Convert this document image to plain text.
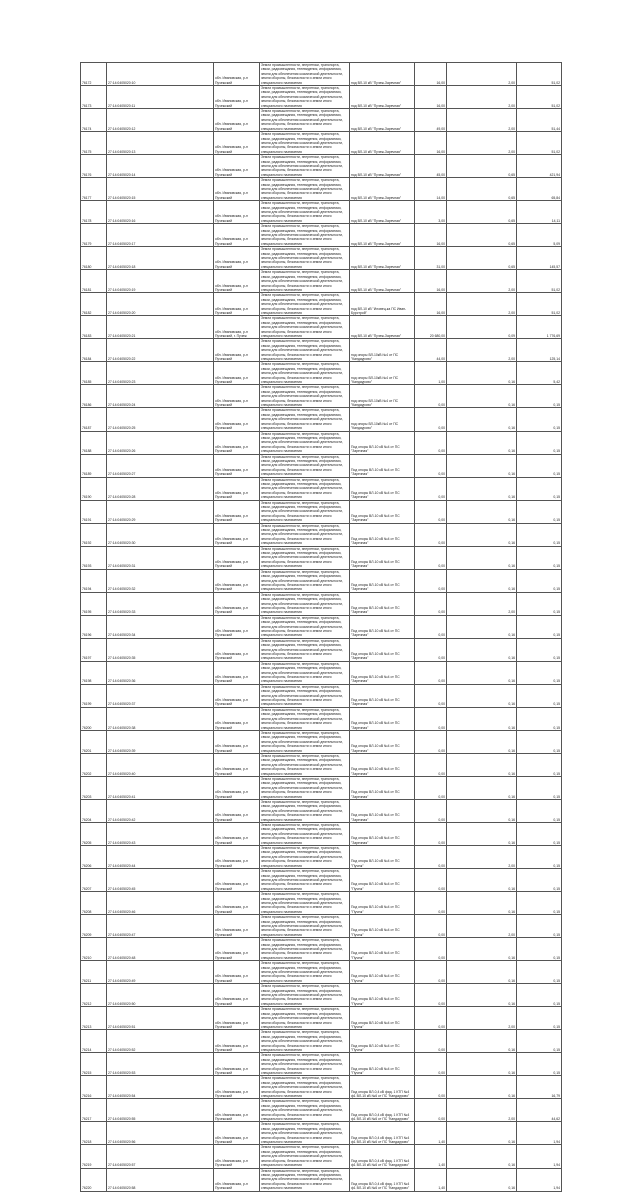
76172	27:14:0405020:10	обл. Ивановская, р-н Пучежский	Земли промышленности, энергетики, транспорта, связи, радиовещания, телевидения, информатики, земли для обеспечения космической деятельности, земли обороны, безопасности и земли иного специального назначения	под ВЛ-10 кВ "Пучеж-Заречная"	16,00	2,00	51,02
76173	27:14:0405020:11	обл. Ивановская, р-н Пучежский	Земли промышленности, энергетики, транспорта, связи, радиовещания, телевидения, информатики, земли для обеспечения космической деятельности, земли обороны, безопасности и земли иного специального назначения	под ВЛ-10 кВ "Пучеж-Заречная"	16,00	2,00	51,02
76174	27:14:0405020:12	обл. Ивановская, р-н Пучежский	Земли промышленности, энергетики, транспорта, связи, радиовещания, телевидения, информатики, земли для обеспечения космической деятельности, земли обороны, безопасности и земли иного специального назначения	под ВЛ-10 кВ "Пучеж-Заречная"	49,00	2,00	51,44
76175	27:14:0405020:13	обл. Ивановская, р-н Пучежский	Земли промышленности, энергетики, транспорта, связи, радиовещания, телевидения, информатики, земли для обеспечения космической деятельности, земли обороны, безопасности и земли иного специального назначения	под ВЛ-10 кВ "Пучеж-Заречная"	16,00	2,00	51,02
76176	27:14:0405020:14	обл. Ивановская, р-н Пучежский	Земли промышленности, энергетики, транспорта, связи, радиовещания, телевидения, информатики, земли для обеспечения космической деятельности, земли обороны, безопасности и земли иного специального назначения	под ВЛ-10 кВ "Пучеж-Заречная"	45,00	0,65	421,94
76177	27:14:0405020:15	обл. Ивановская, р-н Пучежский	Земли промышленности, энергетики, транспорта, связи, радиовещания, телевидения, информатики, земли для обеспечения космической деятельности, земли обороны, безопасности и земли иного специального назначения	под ВЛ-10 кВ "Пучеж-Заречная"	14,00	0,65	65,84
76178	27:14:0405020:16	обл. Ивановская, р-н Пучежский	Земли промышленности, энергетики, транспорта, связи, радиовещания, телевидения, информатики, земли для обеспечения космической деятельности, земли обороны, безопасности и земли иного специального назначения	под ВЛ-10 кВ "Пучеж-Заречная"	3,00	0,65	14,11
76179	27:14:0405020:17	обл. Ивановская, р-н Пучежский	Земли промышленности, энергетики, транспорта, связи, радиовещания, телевидения, информатики, земли для обеспечения космической деятельности, земли обороны, безопасности и земли иного специального назначения	под ВЛ-10 кВ "Пучеж-Заречная"	16,00	0,65	5,09
76180	27:14:0405020:18	обл. Ивановская, р-н Пучежский	Земли промышленности, энергетики, транспорта, связи, радиовещания, телевидения, информатики, земли для обеспечения космической деятельности, земли обороны, безопасности и земли иного специального назначения	под ВЛ-10 кВ "Пучеж-Заречная"	31,00	0,65	145,57
76181	27:14:0405020:19	обл. Ивановская, р-н Пучежский	Земли промышленности, энергетики, транспорта, связи, радиовещания, телевидения, информатики, земли для обеспечения космической деятельности, земли обороны, безопасности и земли иного специального назначения	под ВЛ-10 кВ "Пучеж-Заречная"	16,00	2,00	51,02
76182	27:14:0405020:20	обл. Ивановская, р-н Пучежский	Земли промышленности, энергетики, транспорта, связи, радиовещания, телевидения, информатики, земли для обеспечения космической деятельности, земли обороны, безопасности и земли иного специального назначения	под ВЛ-10 кВ "Иловец-ка ПС Иван-Бурстрой"	16,00	2,00	51,02
76183	27:14:0405020:21	обл. Ивановская, р-н Пучежский, г. Пучеж	Земли промышленности, энергетики, транспорта, связи, радиовещания, телевидения, информатики, земли для обеспечения космической деятельности, земли обороны, безопасности и земли иного специального назначения	под ВЛ-10 кВ "Пучеж-Заречная"	20 680,00	0,09	1 776,69
76184	27:14:0405020:22	обл. Ивановская, р-н Пучежский	Земли промышленности, энергетики, транспорта, связи, радиовещания, телевидения, информатики, земли для обеспечения космической деятельности, земли обороны, безопасности и земли иного специального назначения	под опоры ВЛ-10кВ №4 от ПС "Кандаурово"	44,00	2,00	125,14
76185	27:14:0405020:23	обл. Ивановская, р-н Пучежский	Земли промышленности, энергетики, транспорта, связи, радиовещания, телевидения, информатики, земли для обеспечения космической деятельности, земли обороны, безопасности и земли иного специального назначения	под опоры ВЛ-10кВ №4 от ПС "Кандаурово"	1,00	0,16	5,42
76186	27:14:0405020:24	обл. Ивановская, р-н Пучежский	Земли промышленности, энергетики, транспорта, связи, радиовещания, телевидения, информатики, земли для обеспечения космической деятельности, земли обороны, безопасности и земли иного специального назначения	под опоры ВЛ-10кВ №4 от ПС "Кандаурово"	0,00	0,16	0,15
76187	27:14:0405020:25	обл. Ивановская, р-н Пучежский	Земли промышленности, энергетики, транспорта, связи, радиовещания, телевидения, информатики, земли для обеспечения космической деятельности, земли обороны, безопасности и земли иного специального назначения	под опоры ВЛ-10кВ №4 от ПС "Кандаурово"	0,00	0,16	0,15
76188	27:14:0405020:26	обл. Ивановская, р-н Пучежский	Земли промышленности, энергетики, транспорта, связи, радиовещания, телевидения, информатики, земли для обеспечения космической деятельности, земли обороны, безопасности и земли иного специального назначения	Под опоры ВЛ-10 кВ №4 от ПС "Заречная"	0,00	0,16	0,15
76189	27:14:0405020:27	обл. Ивановская, р-н Пучежский	Земли промышленности, энергетики, транспорта, связи, радиовещания, телевидения, информатики, земли для обеспечения космической деятельности, земли обороны, безопасности и земли иного специального назначения	Под опоры ВЛ-10 кВ №4 от ПС "Заречная"	0,00	0,16	0,15
76190	27:14:0405020:28	обл. Ивановская, р-н Пучежский	Земли промышленности, энергетики, транспорта, связи, радиовещания, телевидения, информатики, земли для обеспечения космической деятельности, земли обороны, безопасности и земли иного специального назначения	Под опоры ВЛ-10 кВ №4 от ПС "Заречная"	0,00	0,16	0,15
76191	27:14:0405020:29	обл. Ивановская, р-н Пучежский	Земли промышленности, энергетики, транспорта, связи, радиовещания, телевидения, информатики, земли для обеспечения космической деятельности, земли обороны, безопасности и земли иного специального назначения	Под опоры ВЛ-10 кВ №4 от ПС "Заречная"	0,00	0,16	0,15
76192	27:14:0405020:30	обл. Ивановская, р-н Пучежский	Земли промышленности, энергетики, транспорта, связи, радиовещания, телевидения, информатики, земли для обеспечения космической деятельности, земли обороны, безопасности и земли иного специального назначения	Под опоры ВЛ-10 кВ №4 от ПС "Заречная"	0,00	0,16	0,15
76193	27:14:0405020:31	обл. Ивановская, р-н Пучежский	Земли промышленности, энергетики, транспорта, связи, радиовещания, телевидения, информатики, земли для обеспечения космической деятельности, земли обороны, безопасности и земли иного специального назначения	Под опоры ВЛ-10 кВ №4 от ПС "Заречная"	0,00	0,16	0,15
76194	27:14:0405020:32	обл. Ивановская, р-н Пучежский	Земли промышленности, энергетики, транспорта, связи, радиовещания, телевидения, информатики, земли для обеспечения космической деятельности, земли обороны, безопасности и земли иного специального назначения	Под опоры ВЛ-10 кВ №4 от ПС "Заречная"	0,00	0,16	0,15
76195	27:14:0405020:33	обл. Ивановская, р-н Пучежский	Земли промышленности, энергетики, транспорта, связи, радиовещания, телевидения, информатики, земли для обеспечения космической деятельности, земли обороны, безопасности и земли иного специального назначения	Под опоры ВЛ-10 кВ №4 от ПС "Заречная"	0,00	2,00	0,15
76196	27:14:0405020:34	обл. Ивановская, р-н Пучежский	Земли промышленности, энергетики, транспорта, связи, радиовещания, телевидения, информатики, земли для обеспечения космической деятельности, земли обороны, безопасности и земли иного специального назначения	Под опоры ВЛ-10 кВ №4 от ПС "Заречная"	0,00	0,16	0,15
76197	27:14:0405020:35	обл. Ивановская, р-н Пучежский	Земли промышленности, энергетики, транспорта, связи, радиовещания, телевидения, информатики, земли для обеспечения космической деятельности, земли обороны, безопасности и земли иного специального назначения	Под опоры ВЛ-10 кВ №4 от ПС "Заречная"	0,00	0,16	0,15
76198	27:14:0405020:36	обл. Ивановская, р-н Пучежский	Земли промышленности, энергетики, транспорта, связи, радиовещания, телевидения, информатики, земли для обеспечения космической деятельности, земли обороны, безопасности и земли иного специального назначения	Под опоры ВЛ-10 кВ №4 от ПС "Заречная"	0,00	0,16	0,15
76199	27:14:0405020:37	обл. Ивановская, р-н Пучежский	Земли промышленности, энергетики, транспорта, связи, радиовещания, телевидения, информатики, земли для обеспечения космической деятельности, земли обороны, безопасности и земли иного специального назначения	Под опоры ВЛ-10 кВ №4 от ПС "Заречная"	0,00	0,16	0,15
76200	27:14:0405020:38	обл. Ивановская, р-н Пучежский	Земли промышленности, энергетики, транспорта, связи, радиовещания, телевидения, информатики, земли для обеспечения космической деятельности, земли обороны, безопасности и земли иного специального назначения	Под опоры ВЛ-10 кВ №4 от ПС "Заречная"	0,00	0,16	0,15
76201	27:14:0405020:39	обл. Ивановская, р-н Пучежский	Земли промышленности, энергетики, транспорта, связи, радиовещания, телевидения, информатики, земли для обеспечения космической деятельности, земли обороны, безопасности и земли иного специального назначения	Под опоры ВЛ-10 кВ №4 от ПС "Заречная"	0,00	0,16	0,15
76202	27:14:0405020:40	обл. Ивановская, р-н Пучежский	Земли промышленности, энергетики, транспорта, связи, радиовещания, телевидения, информатики, земли для обеспечения космической деятельности, земли обороны, безопасности и земли иного специального назначения	Под опоры ВЛ-10 кВ №4 от ПС "Заречная"	0,00	0,16	0,15
76203	27:14:0405020:41	обл. Ивановская, р-н Пучежский	Земли промышленности, энергетики, транспорта, связи, радиовещания, телевидения, информатики, земли для обеспечения космической деятельности, земли обороны, безопасности и земли иного специального назначения	Под опоры ВЛ-10 кВ №4 от ПС "Заречная"	0,00	0,16	0,15
76204	27:14:0405020:42	обл. Ивановская, р-н Пучежский	Земли промышленности, энергетики, транспорта, связи, радиовещания, телевидения, информатики, земли для обеспечения космической деятельности, земли обороны, безопасности и земли иного специального назначения	Под опоры ВЛ-10 кВ №4 от ПС "Заречная"	0,00	0,16	0,15
76205	27:14:0405020:43	обл. Ивановская, р-н Пучежский	Земли промышленности, энергетики, транспорта, связи, радиовещания, телевидения, информатики, земли для обеспечения космической деятельности, земли обороны, безопасности и земли иного специального назначения	Под опоры ВЛ-10 кВ №4 от ПС "Заречная"	0,00	0,16	0,15
76206	27:14:0405020:44	обл. Ивановская, р-н Пучежский	Земли промышленности, энергетики, транспорта, связи, радиовещания, телевидения, информатики, земли для обеспечения космической деятельности, земли обороны, безопасности и земли иного специального назначения	Под опоры ВЛ-10 кВ №4 от ПС "Пучеж"	0,00	2,00	0,15
76207	27:14:0405020:45	обл. Ивановская, р-н Пучежский	Земли промышленности, энергетики, транспорта, связи, радиовещания, телевидения, информатики, земли для обеспечения космической деятельности, земли обороны, безопасности и земли иного специального назначения	Под опоры ВЛ-10 кВ №4 от ПС "Пучеж"	0,00	0,16	0,15
76208	27:14:0405020:46	обл. Ивановская, р-н Пучежский	Земли промышленности, энергетики, транспорта, связи, радиовещания, телевидения, информатики, земли для обеспечения космической деятельности, земли обороны, безопасности и земли иного специального назначения	Под опоры ВЛ-10 кВ №4 от ПС "Пучеж"	0,00	0,16	0,15
76209	27:14:0405020:47	обл. Ивановская, р-н Пучежский	Земли промышленности, энергетики, транспорта, связи, радиовещания, телевидения, информатики, земли для обеспечения космической деятельности, земли обороны, безопасности и земли иного специального назначения	Под опоры ВЛ-10 кВ №4 от ПС "Пучеж"	0,00	2,00	0,15
76210	27:14:0405020:48	обл. Ивановская, р-н Пучежский	Земли промышленности, энергетики, транспорта, связи, радиовещания, телевидения, информатики, земли для обеспечения космической деятельности, земли обороны, безопасности и земли иного специального назначения	Под опоры ВЛ-10 кВ №4 от ПС "Пучеж"	0,00	0,16	0,15
76211	27:14:0405020:49	обл. Ивановская, р-н Пучежский	Земли промышленности, энергетики, транспорта, связи, радиовещания, телевидения, информатики, земли для обеспечения космической деятельности, земли обороны, безопасности и земли иного специального назначения	Под опоры ВЛ-10 кВ №4 от ПС "Пучеж"	0,00	0,16	0,15
76212	27:14:0405020:50	обл. Ивановская, р-н Пучежский	Земли промышленности, энергетики, транспорта, связи, радиовещания, телевидения, информатики, земли для обеспечения космической деятельности, земли обороны, безопасности и земли иного специального назначения	Под опоры ВЛ-10 кВ №4 от ПС "Пучеж"	0,00	0,16	0,15
76213	27:14:0405020:51	обл. Ивановская, р-н Пучежский	Земли промышленности, энергетики, транспорта, связи, радиовещания, телевидения, информатики, земли для обеспечения космической деятельности, земли обороны, безопасности и земли иного специального назначения	Под опоры ВЛ-10 кВ №4 от ПС "Пучеж"	0,00	2,00	0,15
76214	27:14:0405020:52	обл. Ивановская, р-н Пучежский	Земли промышленности, энергетики, транспорта, связи, радиовещания, телевидения, информатики, земли для обеспечения космической деятельности, земли обороны, безопасности и земли иного специального назначения	Под опоры ВЛ-10 кВ №4 от ПС "Пучеж"	0,00	0,16	0,15
76215	27:14:0405020:53	обл. Ивановская, р-н Пучежский	Земли промышленности, энергетики, транспорта, связи, радиовещания, телевидения, информатики, земли для обеспечения космической деятельности, земли обороны, безопасности и земли иного специального назначения	Под опоры ВЛ-10 кВ №4 от ПС "Пучеж"	0,00	0,16	0,15
76216	27:14:0405020:54	обл. Ивановская, р-н Пучежский	Земли промышленности, энергетики, транспорта, связи, радиовещания, телевидения, информатики, земли для обеспечения космической деятельности, земли обороны, безопасности и земли иного специального назначения	Под опоры ВЛ-0,4 кВ фид. 1 КТП №4 ф1 ВЛ-10 кВ №6 от ПС "Кандаурово"	0,00	0,16	16,79
76217	27:14:0405020:55	обл. Ивановская, р-н Пучежский	Земли промышленности, энергетики, транспорта, связи, радиовещания, телевидения, информатики, земли для обеспечения космической деятельности, земли обороны, безопасности и земли иного специального назначения	Под опоры ВЛ-0,4 кВ фид. 1 КТП №4 ф1 ВЛ-10 кВ №6 от ПС "Кандаурово"	0,00	2,00	44,62
76218	27:14:0405020:56	обл. Ивановская, р-н Пучежский	Земли промышленности, энергетики, транспорта, связи, радиовещания, телевидения, информатики, земли для обеспечения космической деятельности, земли обороны, безопасности и земли иного специального назначения	Под опоры ВЛ-0,4 кВ фид. 1 КТП №4 ф1 ВЛ-10 кВ №6 от ПС "Кандаурово"	1,40	0,16	1,94
76219	27:14:0405020:57	обл. Ивановская, р-н Пучежский	Земли промышленности, энергетики, транспорта, связи, радиовещания, телевидения, информатики, земли для обеспечения космической деятельности, земли обороны, безопасности и земли иного специального назначения	Под опоры ВЛ-0,4 кВ фид. 1 КТП №4 ф1 ВЛ-10 кВ №6 от ПС "Кандаурово"	1,40	0,16	1,94
76220	27:14:0405020:58	обл. Ивановская, р-н Пучежский	Земли промышленности, энергетики, транспорта, связи, радиовещания, телевидения, информатики, земли для обеспечения космической деятельности, земли обороны, безопасности и земли иного специального назначения	Под опоры ВЛ-0,4 кВ фид. 1 КТП №4 ф1 ВЛ-10 кВ №6 от ПС "Кандаурово"	1,40	0,16	1,94
